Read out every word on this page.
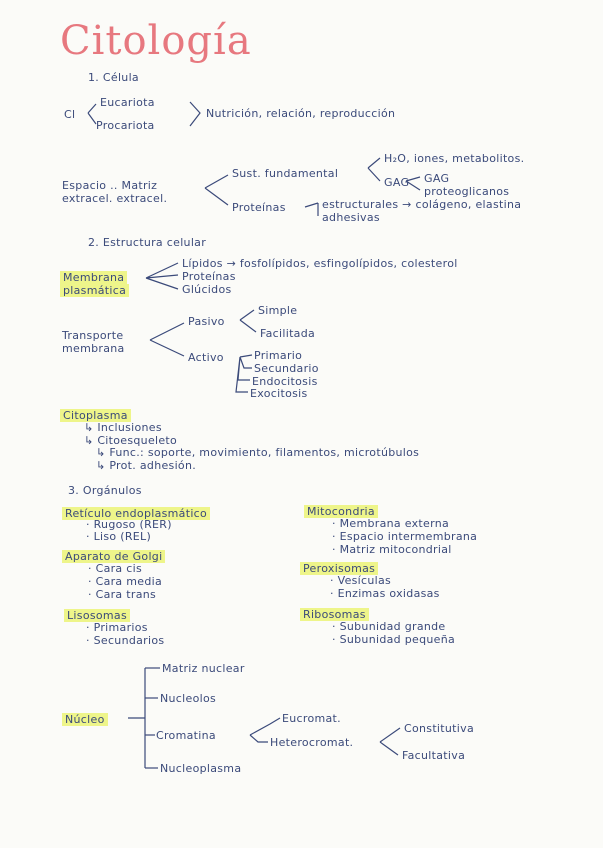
Citología
1. Célula
Cl
Eucariota
Procariota
Nutrición, relación, reproducción
Espacio .. Matriz
extracel. extracel.
Sust. fundamental
H₂O, iones, metabolitos.
GAG GAG
proteoglicanos
Proteínas	estructurales → colágeno, elastina
adhesivas
2. Estructura celular
Membrana
plasmática
Lípidos → fosfolípidos, esfingolípidos, colesterol
Proteínas
Glúcidos
Transporte
membrana
Pasivo
Simple
Facilitada
Activo	Primario
Secundario
Endocitosis
Exocitosis
Citoplasma
↳ Inclusiones
↳ Citoesqueleto
↳ Func.: soporte, movimiento, filamentos, microtúbulos
↳ Prot. adhesión.
3. Orgánulos
Retículo endoplasmático
· Rugoso (RER)
· Liso (REL)
Mitocondria
· Membrana externa
· Espacio intermembrana
· Matriz mitocondrial
Aparato de Golgi
· Cara cis
· Cara media
· Cara trans
Peroxisomas
· Vesículas
· Enzimas oxidasas
Lisosomas
· Primarios
· Secundarios
Ribosomas
· Subunidad grande
· Subunidad pequeña
Núcleo
Matriz nuclear
Nucleolos
Cromatina
Eucromat.
Heterocromat.
Constitutiva
Facultativa
Nucleoplasma
